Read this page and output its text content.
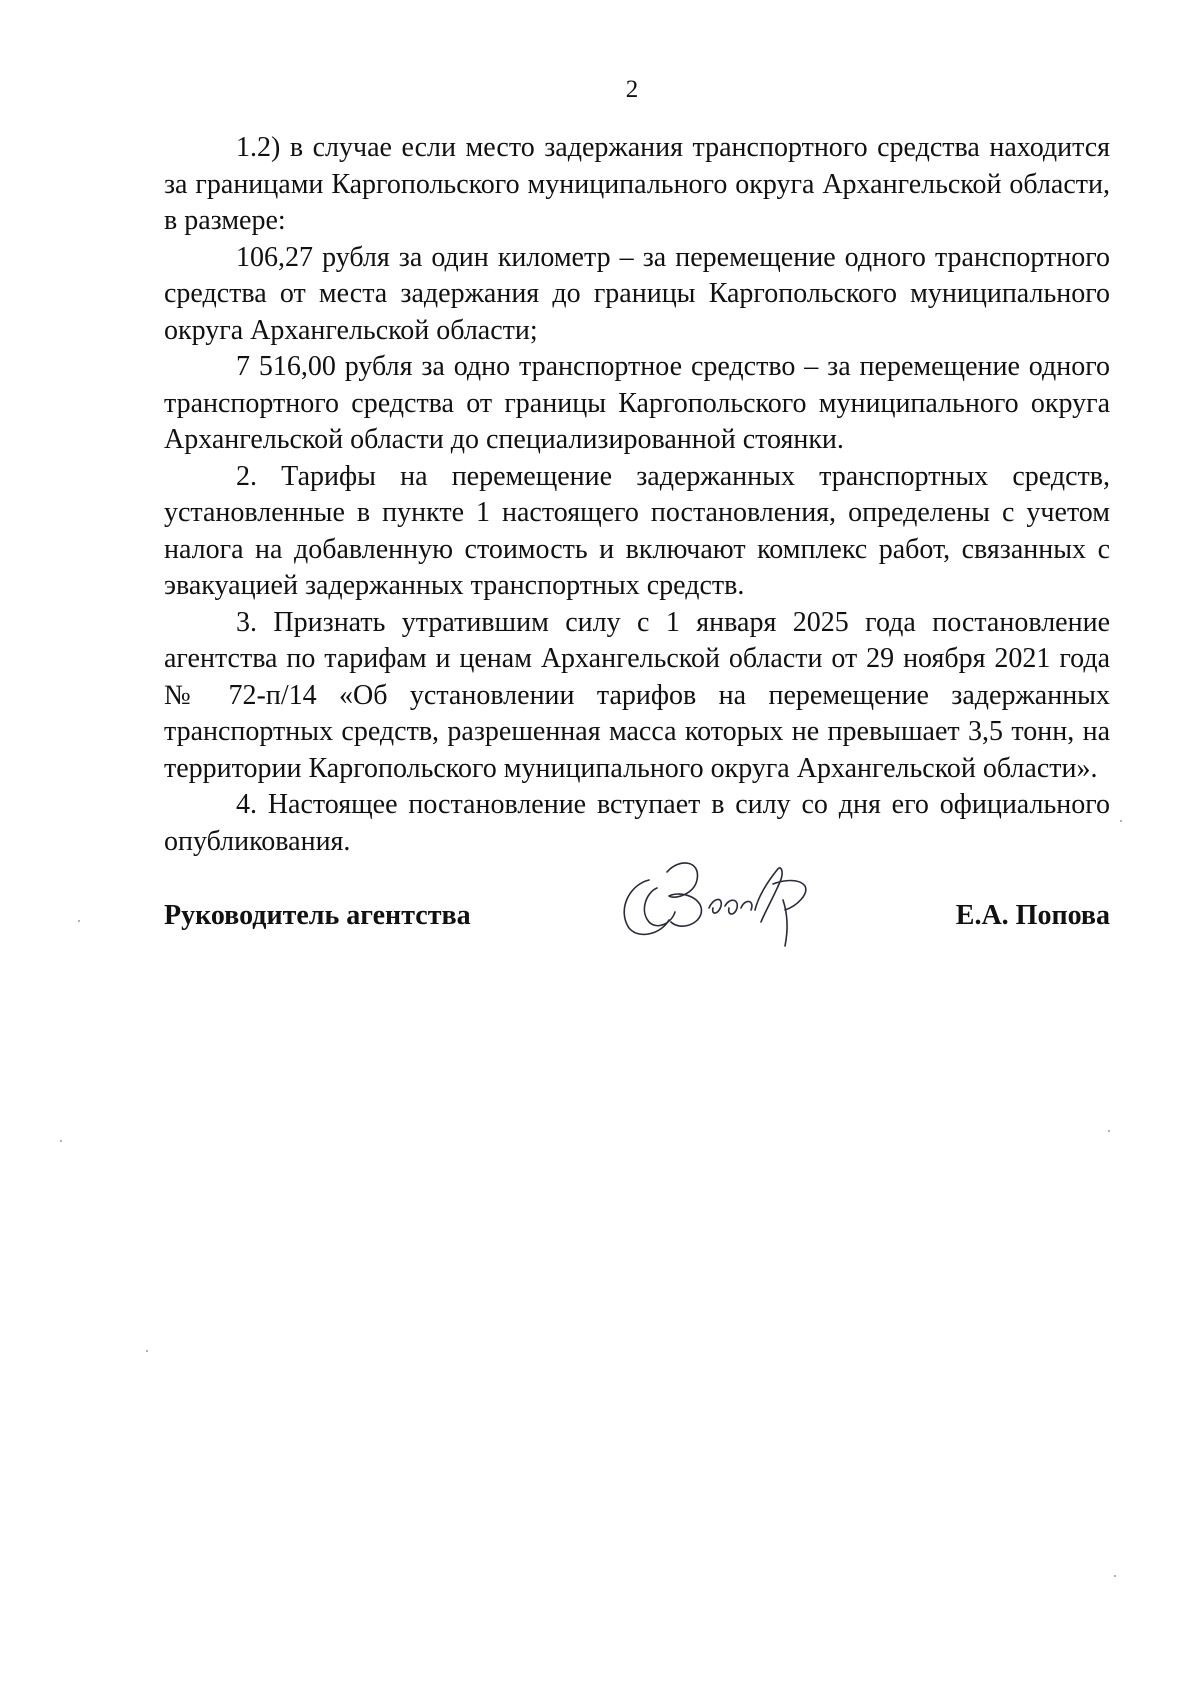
2

1.2) в случае если место задержания транспортного средства находится за границами Каргопольского муниципального округа Архангельской области, в размере:

106,27 рубля за один километр – за перемещение одного транспортного средства от места задержания до границы Каргопольского муниципального округа Архангельской области;

7 516,00 рубля за одно транспортное средство – за перемещение одного транспортного средства от границы Каргопольского муниципального округа Архангельской области до специализированной стоянки.

2. Тарифы на перемещение задержанных транспортных средств, установленные в пункте 1 настоящего постановления, определены с учетом налога на добавленную стоимость и включают комплекс работ, связанных с эвакуацией задержанных транспортных средств.

3. Признать утратившим силу с 1 января 2025 года постановление агентства по тарифам и ценам Архангельской области от 29 ноября 2021 года № 72-п/14 «Об установлении тарифов на перемещение задержанных транспортных средств, разрешенная масса которых не превышает 3,5 тонн, на территории Каргопольского муниципального округа Архангельской области».

4. Настоящее постановление вступает в силу со дня его официального опубликования.

Руководитель агентства	Е.А. Попова
